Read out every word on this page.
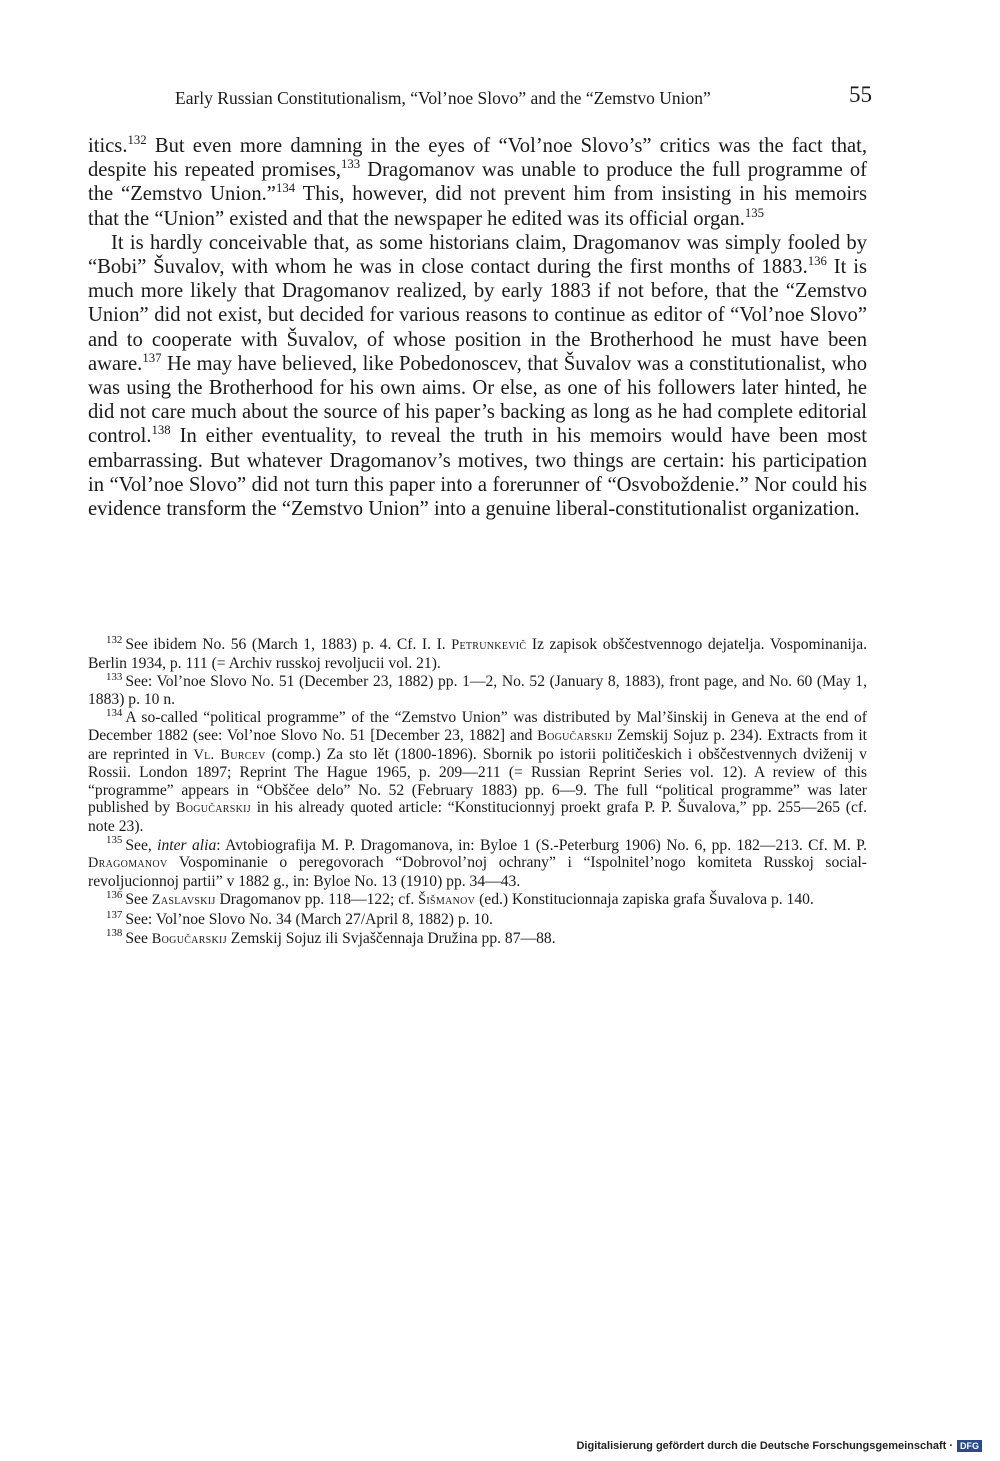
Early Russian Constitutionalism, “Vol’noe Slovo” and the “Zemstvo Union”	55

itics.$^{132}$ But even more damning in the eyes of “Vol’noe Slovo’s” critics was the fact that, despite his repeated promises,$^{133}$ Dragomanov was unable to produce the full programme of the “Zemstvo Union.”$^{134}$ This, however, did not prevent him from insisting in his memoirs that the “Union” existed and that the newspaper he edited was its official organ.$^{135}$

It is hardly conceivable that, as some historians claim, Dragomanov was simply fooled by “Bobi” Šuvalov, with whom he was in close contact during the first months of 1883.$^{136}$ It is much more likely that Dragomanov realized, by early 1883 if not before, that the “Zemstvo Union” did not exist, but decided for various reasons to continue as editor of “Vol’noe Slovo” and to cooperate with Šuvalov, of whose position in the Brotherhood he must have been aware.$^{137}$ He may have believed, like Pobedonoscev, that Šuvalov was a constitutionalist, who was using the Brotherhood for his own aims. Or else, as one of his followers later hinted, he did not care much about the source of his paper’s backing as long as he had complete editorial control.$^{138}$ In either eventuality, to reveal the truth in his memoirs would have been most embarrassing. But whatever Dragomanov’s motives, two things are certain: his participation in “Vol’noe Slovo” did not turn this paper into a forerunner of “Osvoboždenie.” Nor could his evidence transform the “Zemstvo Union” into a genuine liberal-constitutionalist organization.

$^{132}$ See ibidem No. 56 (March 1, 1883) p. 4. Cf. I. I. Petrunkevič Iz zapisok obščestvennogo dejatelja. Vospominanija. Berlin 1934, p. 111 (= Archiv russkoj revoljucii vol. 21).

$^{133}$ See: Vol’noe Slovo No. 51 (December 23, 1882) pp. 1—2, No. 52 (January 8, 1883), front page, and No. 60 (May 1, 1883) p. 10 n.

$^{134}$ A so-called “political programme” of the “Zemstvo Union” was distributed by Mal’šinskij in Geneva at the end of December 1882 (see: Vol’noe Slovo No. 51 [December 23, 1882] and Bogučarskij Zemskij Sojuz p. 234). Extracts from it are reprinted in Vl. Burcev (comp.) Za sto lět (1800-1896). Sbornik po istorii političeskich i obščestvennych dviženij v Rossii. London 1897; Reprint The Hague 1965, p. 209—211 (= Russian Reprint Series vol. 12). A review of this “programme” appears in “Obščee delo” No. 52 (February 1883) pp. 6—9. The full “political programme” was later published by Bogučarskij in his already quoted article: “Konstitucionnyj proekt grafa P. P. Šuvalova,” pp. 255—265 (cf. note 23).

$^{135}$ See, inter alia: Avtobiografija M. P. Dragomanova, in: Byloe 1 (S.-Peterburg 1906) No. 6, pp. 182—213. Cf. M. P. Dragomanov Vospominanie o peregovorach “Dobrovol’noj ochrany” i “Ispolnitel’nogo komiteta Russkoj social-revoljucionnoj partii” v 1882 g., in: Byloe No. 13 (1910) pp. 34—43.

$^{136}$ See Zaslavskij Dragomanov pp. 118—122; cf. Šišmanov (ed.) Konstitucionnaja zapiska grafa Šuvalova p. 140.

$^{137}$ See: Vol’noe Slovo No. 34 (March 27/April 8, 1882) p. 10.

$^{138}$ See Bogučarskij Zemskij Sojuz ili Svjaščennaja Družina pp. 87—88.

Digitalisierung gefördert durch die Deutsche Forschungsgemeinschaft · DFG
